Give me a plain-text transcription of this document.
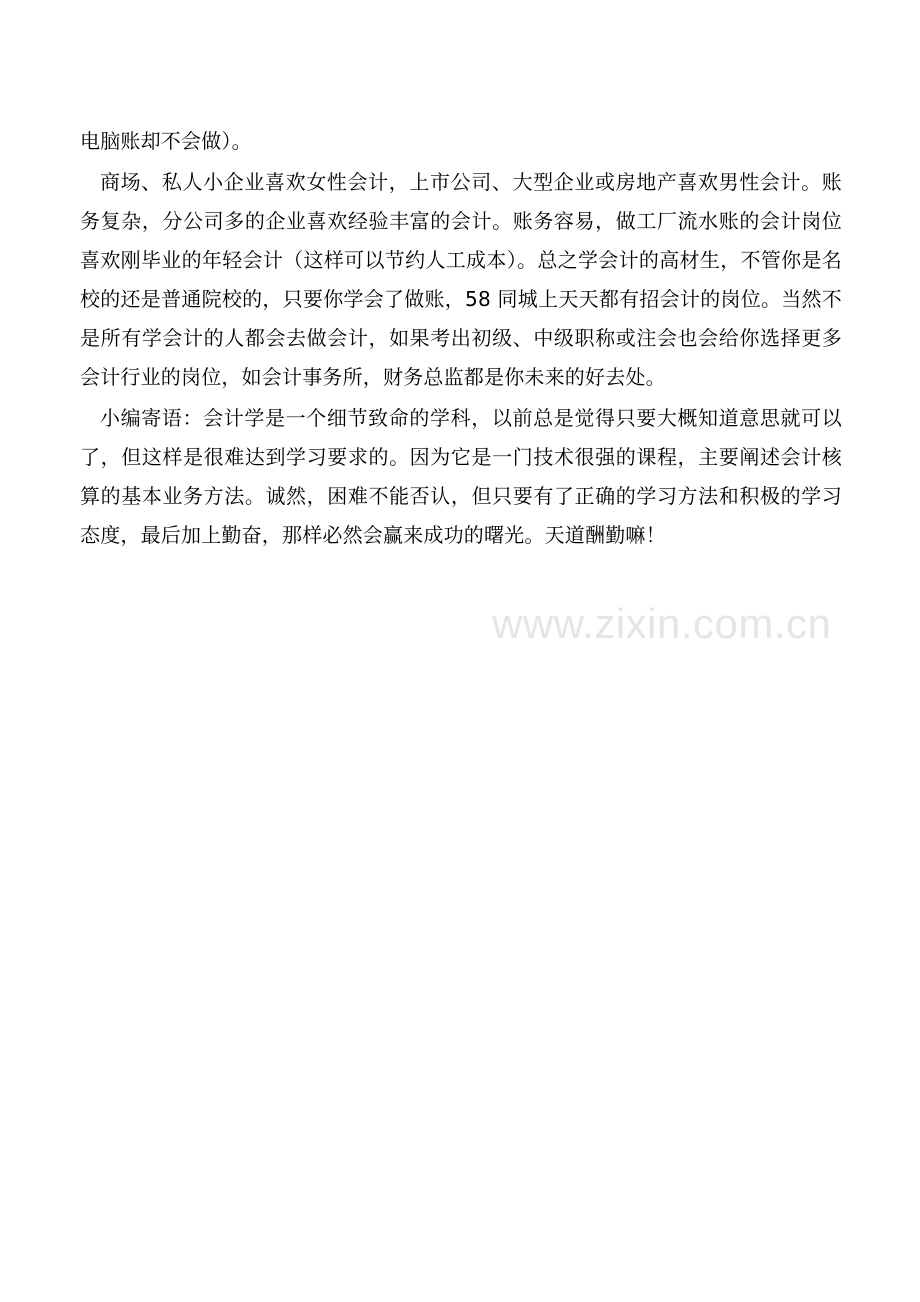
电脑账却不会做）。

商场、私人小企业喜欢女性会计，上市公司、大型企业或房地产喜欢男性会计。账务复杂，分公司多的企业喜欢经验丰富的会计。账务容易，做工厂流水账的会计岗位喜欢刚毕业的年轻会计（这样可以节约人工成本）。总之学会计的高材生，不管你是名校的还是普通院校的，只要你学会了做账，58 同城上天天都有招会计的岗位。当然不是所有学会计的人都会去做会计，如果考出初级、中级职称或注会也会给你选择更多会计行业的岗位，如会计事务所，财务总监都是你未来的好去处。

小编寄语：会计学是一个细节致命的学科，以前总是觉得只要大概知道意思就可以了，但这样是很难达到学习要求的。因为它是一门技术很强的课程，主要阐述会计核算的基本业务方法。诚然，困难不能否认，但只要有了正确的学习方法和积极的学习态度，最后加上勤奋，那样必然会赢来成功的曙光。天道酬勤嘛！

www.zixin.com.cn
